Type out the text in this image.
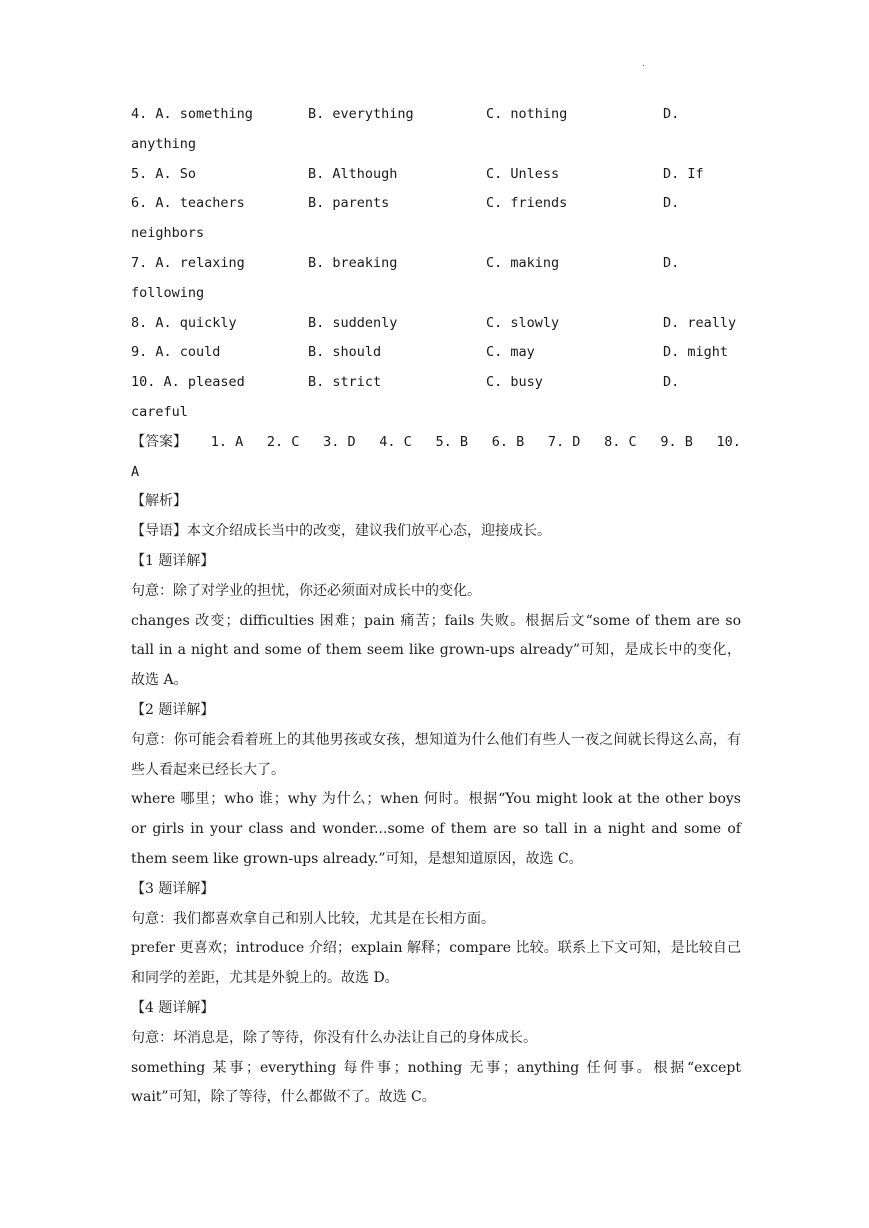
.
4. A. something	B. everything	C. nothing	D.
anything
5. A. So	B. Although	C. Unless	D. If
6. A. teachers	B. parents	C. friends	D.
neighbors
7. A. relaxing	B. breaking	C. making	D.
following
8. A. quickly	B. suddenly	C. slowly	D. really
9. A. could	B. should	C. may	D. might
10. A. pleased	B. strict	C. busy	D.
careful
【答案】 1. A 2. C 3. D 4. C 5. B 6. B 7. D 8. C 9. B 10.
A
【解析】
【导语】本文介绍成长当中的改变，建议我们放平心态，迎接成长。
【1 题详解】
句意：除了对学业的担忧，你还必须面对成长中的变化。
changes 改变；difficulties 困难；pain 痛苦；fails 失败。根据后文“some of them are so tall in a night and some of them seem like grown-ups already”可知，是成长中的变化，故选 A。
【2 题详解】
句意：你可能会看着班上的其他男孩或女孩，想知道为什么他们有些人一夜之间就长得这么高，有些人看起来已经长大了。
where 哪里；who 谁；why 为什么；when 何时。根据“You might look at the other boys or girls in your class and wonder...some of them are so tall in a night and some of them seem like grown-ups already.”可知，是想知道原因，故选 C。
【3 题详解】
句意：我们都喜欢拿自己和别人比较，尤其是在长相方面。
prefer 更喜欢；introduce 介绍；explain 解释；compare 比较。联系上下文可知，是比较自己和同学的差距，尤其是外貌上的。故选 D。
【4 题详解】
句意：坏消息是，除了等待，你没有什么办法让自己的身体成长。
something 某事；everything 每件事；nothing 无事；anything 任何事。根据“except wait”可知，除了等待，什么都做不了。故选 C。
